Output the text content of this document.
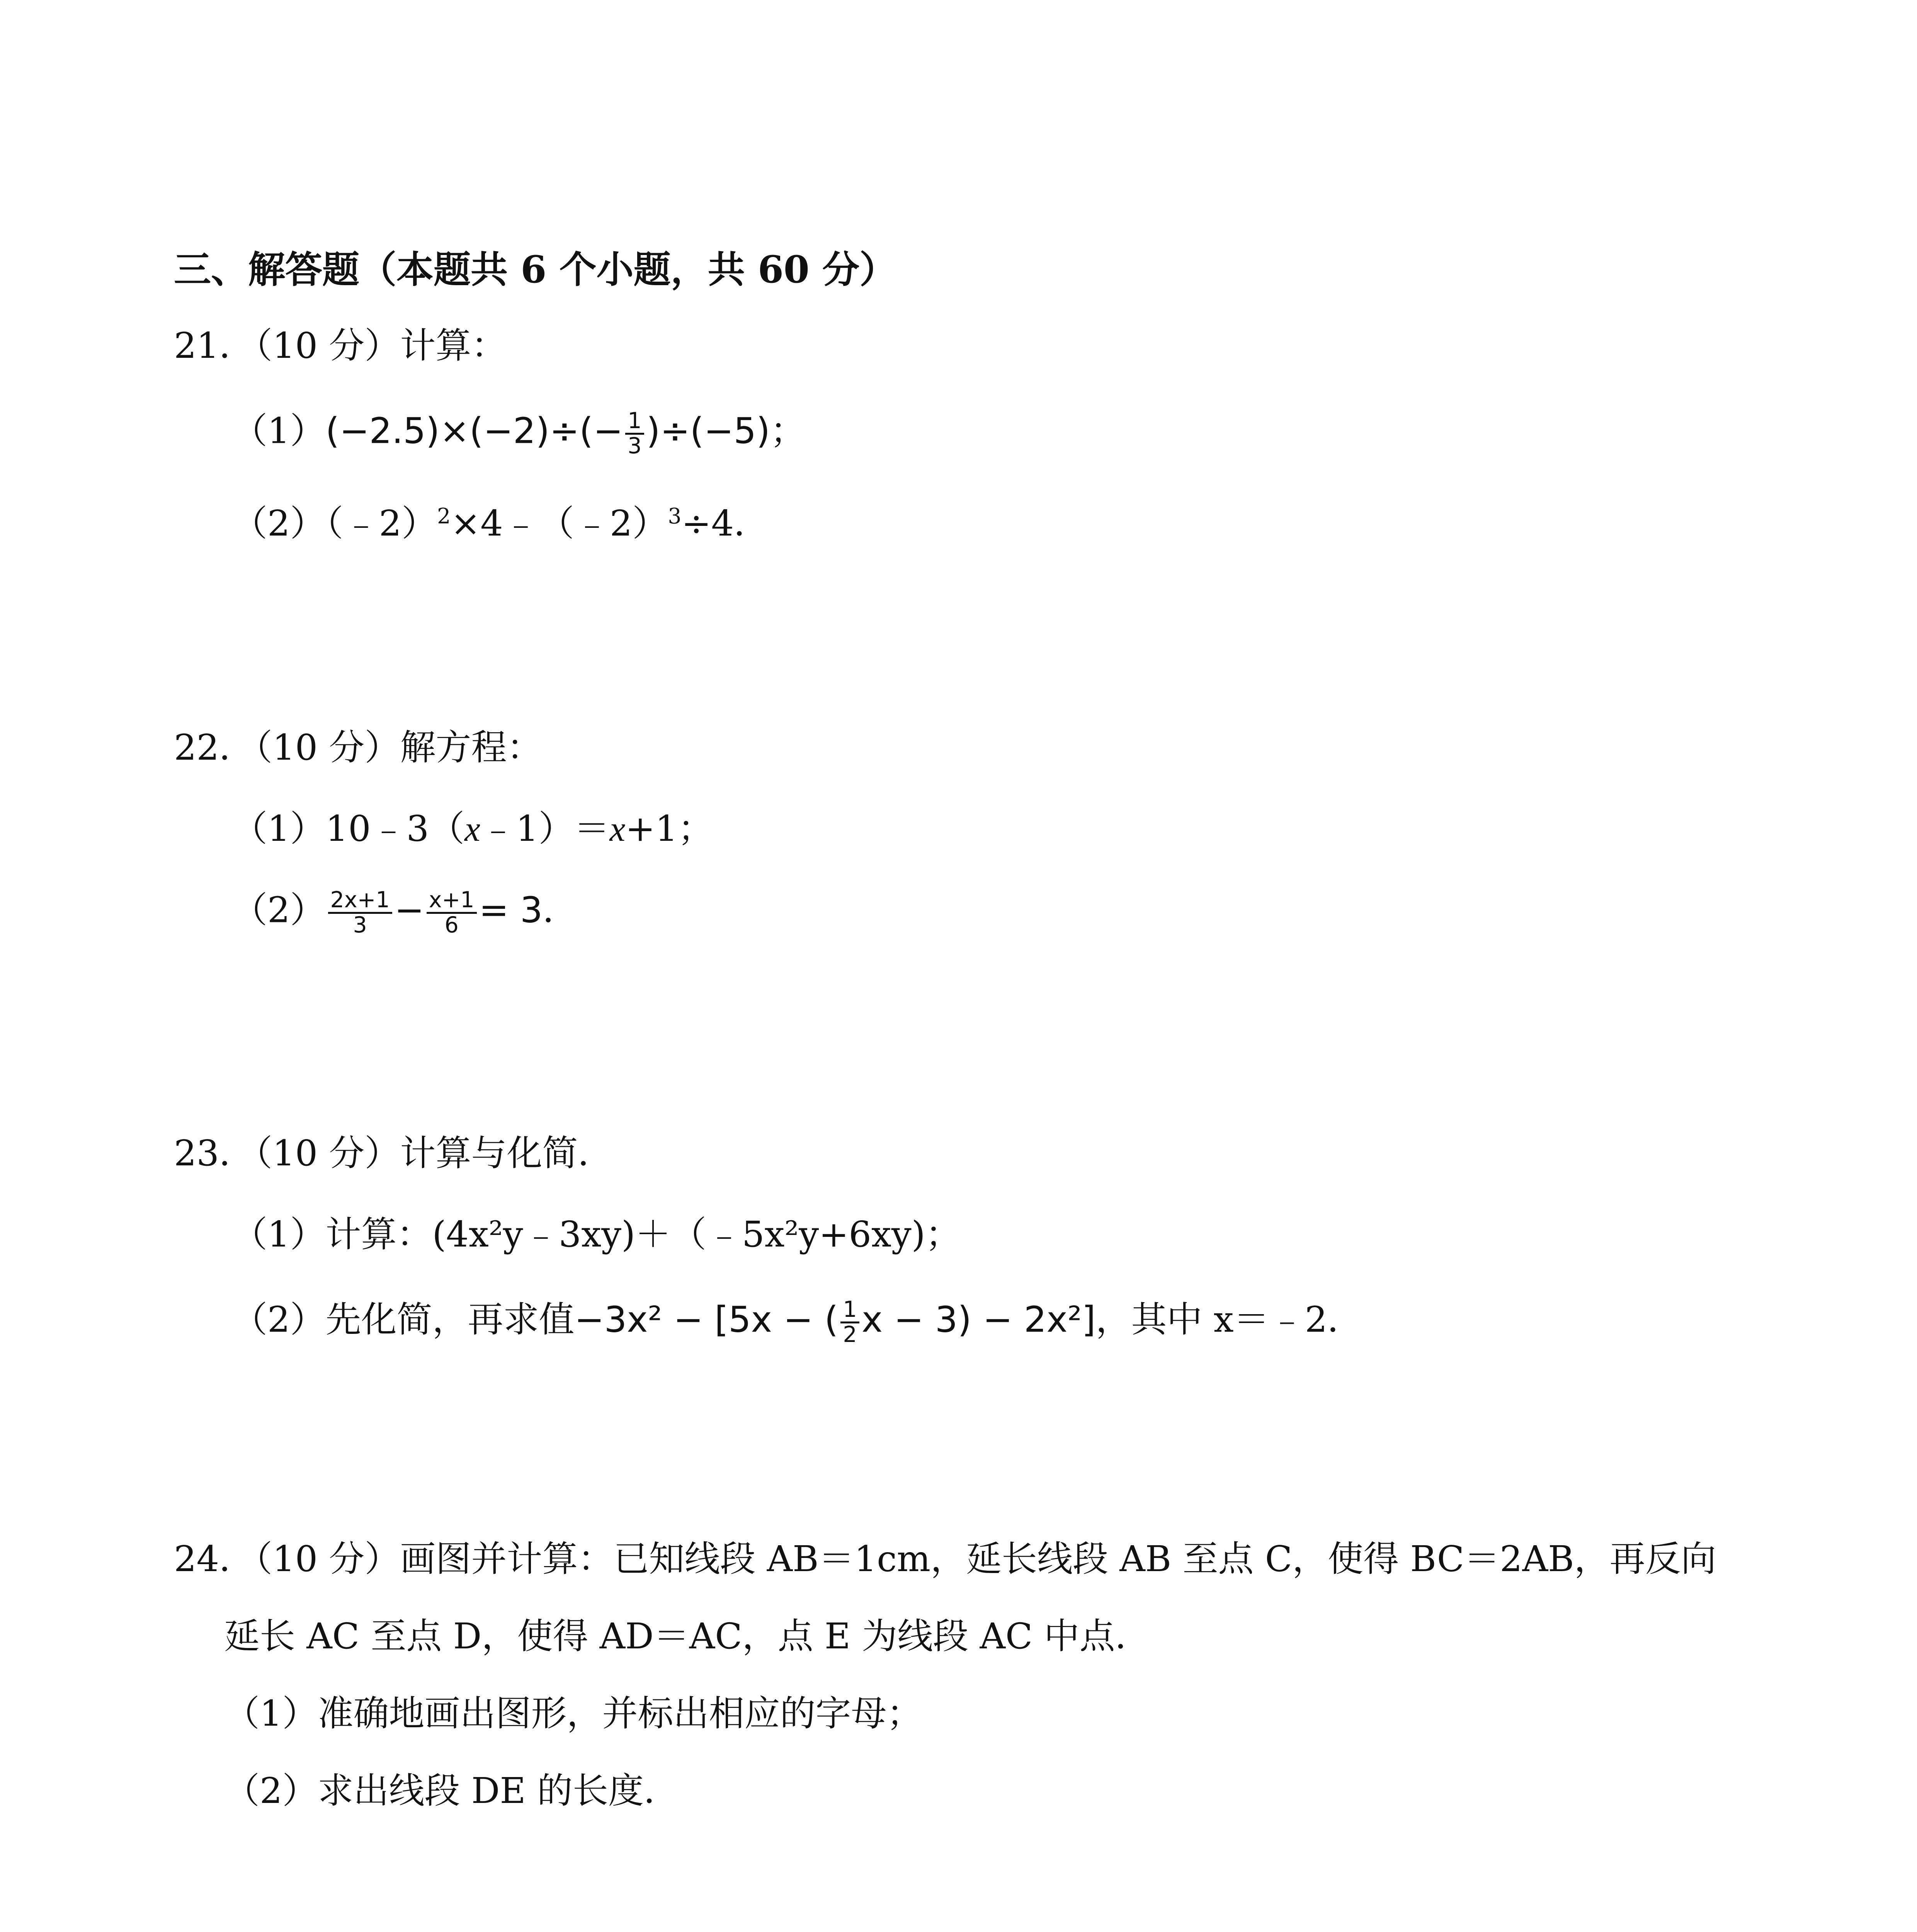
三、解答题（本题共 6 个小题，共 60 分）
21．（10 分）计算：
$(1)(-2.5)\times(-2)\div(- \frac{1}{3} )\div(-5)$；
（2）（﹣2）$^2$×4﹣（﹣2）$^3$÷4．
22．（10 分）解方程：
（1）10﹣3（x﹣1）＝x+1；
$(2) \frac{2x+1}{3} - \frac{x+1}{6} = 3$．
23．（10 分）计算与化简．
（1）计算：(4x²y﹣3xy)＋（﹣5x²y+6xy)；
（2）先化简，再求值−3x² − [5x − ( $\frac{1}{2}$ x − 3) − 2x²]，其中 x＝﹣2．
24．（10 分）画图并计算：已知线段 AB＝1cm，延长线段 AB 至点 C，使得 BC＝2AB，再反向
延长 AC 至点 D，使得 AD＝AC，点 E 为线段 AC 中点．
（1）准确地画出图形，并标出相应的字母；
（2）求出线段 DE 的长度．
